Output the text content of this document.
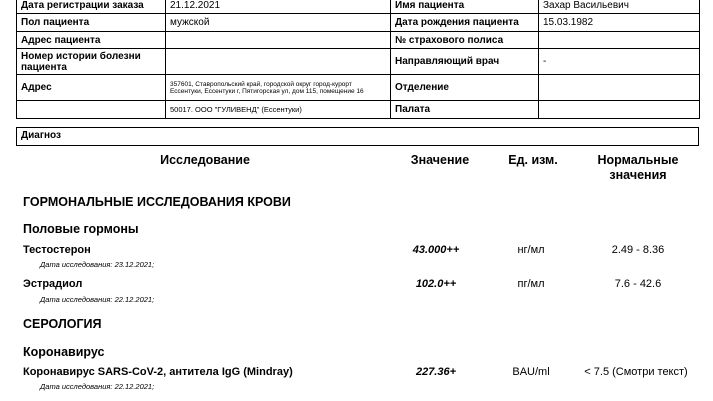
Дата регистрации заказа	21.12.2021	Имя пациента	Захар Васильевич
Пол пациента	мужской	Дата рождения пациента	15.03.1982
Адрес пациента		№ страхового полиса	
Номер истории болезни пациента		Направляющий врач	-
Адрес	357601, Ставропольский край, городской округ город-курорт Ессентуки, Ессентуки г, Пятигорская ул, дом 115, помещение 16	Отделение	
	50017. ООО "ГУЛИВЕНД" (Ессентуки)	Палата	
Диагноз
Исследование	Значение	Ед. изм.	Нормальные значения
ГОРМОНАЛЬНЫЕ ИССЛЕДОВАНИЯ КРОВИ
Половые гормоны
Тестостерон
Дата исследования: 23.12.2021;
43.000++	нг/мл	2.49 - 8.36
Эстрадиол
Дата исследования: 22.12.2021;
102.0++	пг/мл	7.6 - 42.6
СЕРОЛОГИЯ
Коронавирус
Коронавирус SARS-CoV-2, антитела IgG (Mindray)
Дата исследования: 22.12.2021;
227.36+	BAU/ml	< 7.5 (Смотри текст)
